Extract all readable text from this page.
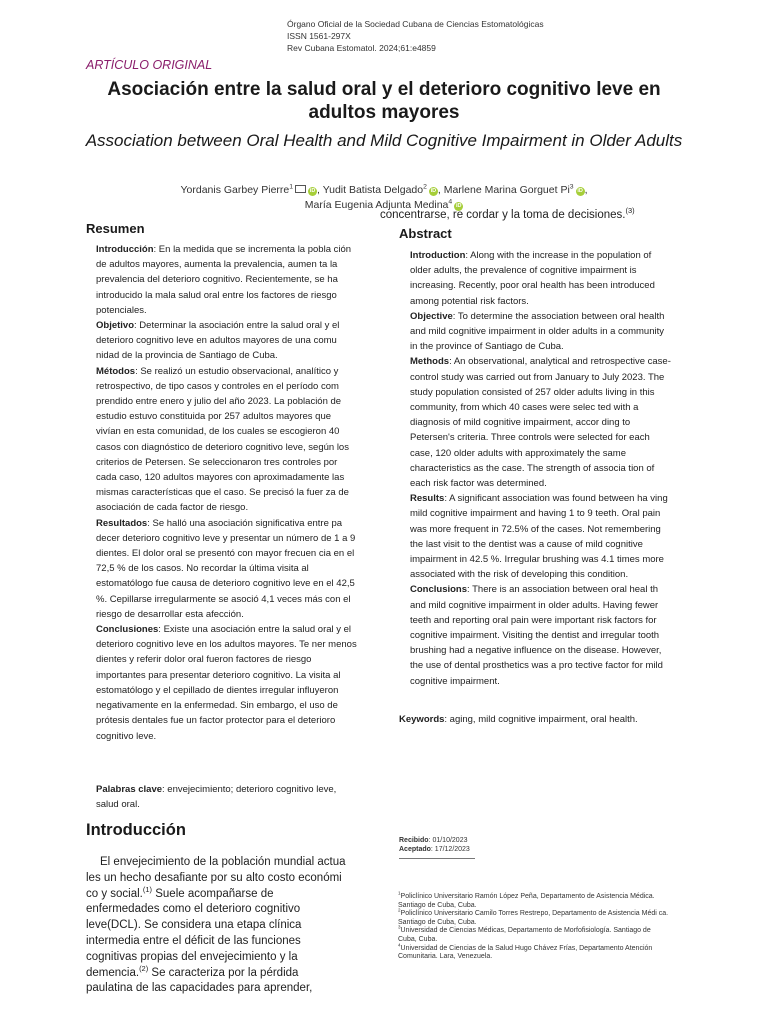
Órgano Oficial de la Sociedad Cubana de Ciencias Estomatológicas
ISSN 1561-297X
Rev Cubana Estomatol. 2024;61:e4859
ARTÍCULO ORIGINAL
Asociación entre la salud oral y el deterioro cognitivo leve en adultos mayores
Association between Oral Health and Mild Cognitive Impairment in Older Adults
Yordanis Garbey Pierre$^1$iD , Yudit Batista Delgado$^2$iD , Marlene Marina Gorguet Pi$^3$iD ,
María Eugenia Adjunta Medina$^4$iD
concentrarse, re cordar y la toma de decisiones.$^{(3)}$
Resumen

Introducción: En la medida que se incrementa la pobla ción de adultos mayores, aumenta la prevalencia, aumen ta la prevalencia del deterioro cognitivo. Recientemente, se ha introducido la mala salud oral entre los factores de riesgo potenciales.

Objetivo: Determinar la asociación entre la salud oral y el deterioro cognitivo leve en adultos mayores de una comu nidad de la provincia de Santiago de Cuba.

Métodos: Se realizó un estudio observacional, analítico y retrospectivo, de tipo casos y controles en el período com prendido entre enero y julio del año 2023. La población de estudio estuvo constituida por 257 adultos mayores que vivían en esta comunidad, de los cuales se escogieron 40 casos con diagnóstico de deterioro cognitivo leve, según los criterios de Petersen. Se seleccionaron tres controles por cada caso, 120 adultos mayores con aproximadamente las mismas características que el caso. Se precisó la fuer za de asociación de cada factor de riesgo.

Resultados: Se halló una asociación significativa entre pa decer deterioro cognitivo leve y presentar un número de 1 a 9 dientes. El dolor oral se presentó con mayor frecuen cia en el 72,5 % de los casos. No recordar la última visita al estomatólogo fue causa de deterioro cognitivo leve en el 42,5 %. Cepillarse irregularmente se asoció 4,1 veces más con el riesgo de desarrollar esta afección.

Conclusiones: Existe una asociación entre la salud oral y el deterioro cognitivo leve en los adultos mayores. Te ner menos dientes y referir dolor oral fueron factores de riesgo importantes para presentar deterioro cognitivo. La visita al estomatólogo y el cepillado de dientes irregular influyeron negativamente en la enfermedad. Sin embargo, el uso de prótesis dentales fue un factor protector para el deterioro cognitivo leve.

Palabras clave: envejecimiento; deterioro cognitivo leve, salud oral.
Abstract

Introduction: Along with the increase in the population of older adults, the prevalence of cognitive impairment is increasing. Recently, poor oral health has been introduced among potential risk factors.

Objective: To determine the association between oral health and mild cognitive impairment in older adults in a community in the province of Santiago de Cuba.

Methods: An observational, analytical and retrospective case-control study was carried out from January to July 2023. The study population consisted of 257 older adults living in this community, from which 40 cases were selec ted with a diagnosis of mild cognitive impairment, accor ding to Petersen's criteria. Three controls were selected for each case, 120 older adults with approximately the same characteristics as the case. The strength of associa tion of each risk factor was determined.

Results: A significant association was found between ha ving mild cognitive impairment and having 1 to 9 teeth. Oral pain was more frequent in 72.5% of the cases. Not remembering the last visit to the dentist was a cause of mild cognitive impairment in 42.5 %. Irregular brushing was 4.1 times more associated with the risk of developing this condition.

Conclusions: There is an association between oral heal th and mild cognitive impairment in older adults. Having fewer teeth and reporting oral pain were important risk factors for cognitive impairment. Visiting the dentist and irregular tooth brushing had a negative influence on the disease. However, the use of dental prosthetics was a pro tective factor for mild cognitive impairment.

Keywords: aging, mild cognitive impairment, oral health.
Introducción

El envejecimiento de la población mundial actua les un hecho desafiante por su alto costo económi co y social.$^{(1)}$ Suele acompañarse de enfermedades como el deterioro cognitivo leve(DCL). Se considera una etapa clínica intermedia entre el déficit de las funciones cognitivas propias del envejecimiento y la demencia.$^{(2)}$ Se caracteriza por la pérdida paulatina de las capacidades para aprender,

Recibido: 01/10/2023
Aceptado: 17/12/2023
$^1$Policlínico Universitario Ramón López Peña, Departamento de Asistencia Médica. Santiago de Cuba, Cuba.
$^2$Policlínico Universitario Camilo Torres Restrepo, Departamento de Asistencia Médi ca. Santiago de Cuba, Cuba.
$^3$Universidad de Ciencias Médicas, Departamento de Morfofisiología. Santiago de Cuba, Cuba.
$^4$Universidad de Ciencias de la Salud Hugo Chávez Frías, Departamento Atención Comunitaria. Lara, Venezuela.
